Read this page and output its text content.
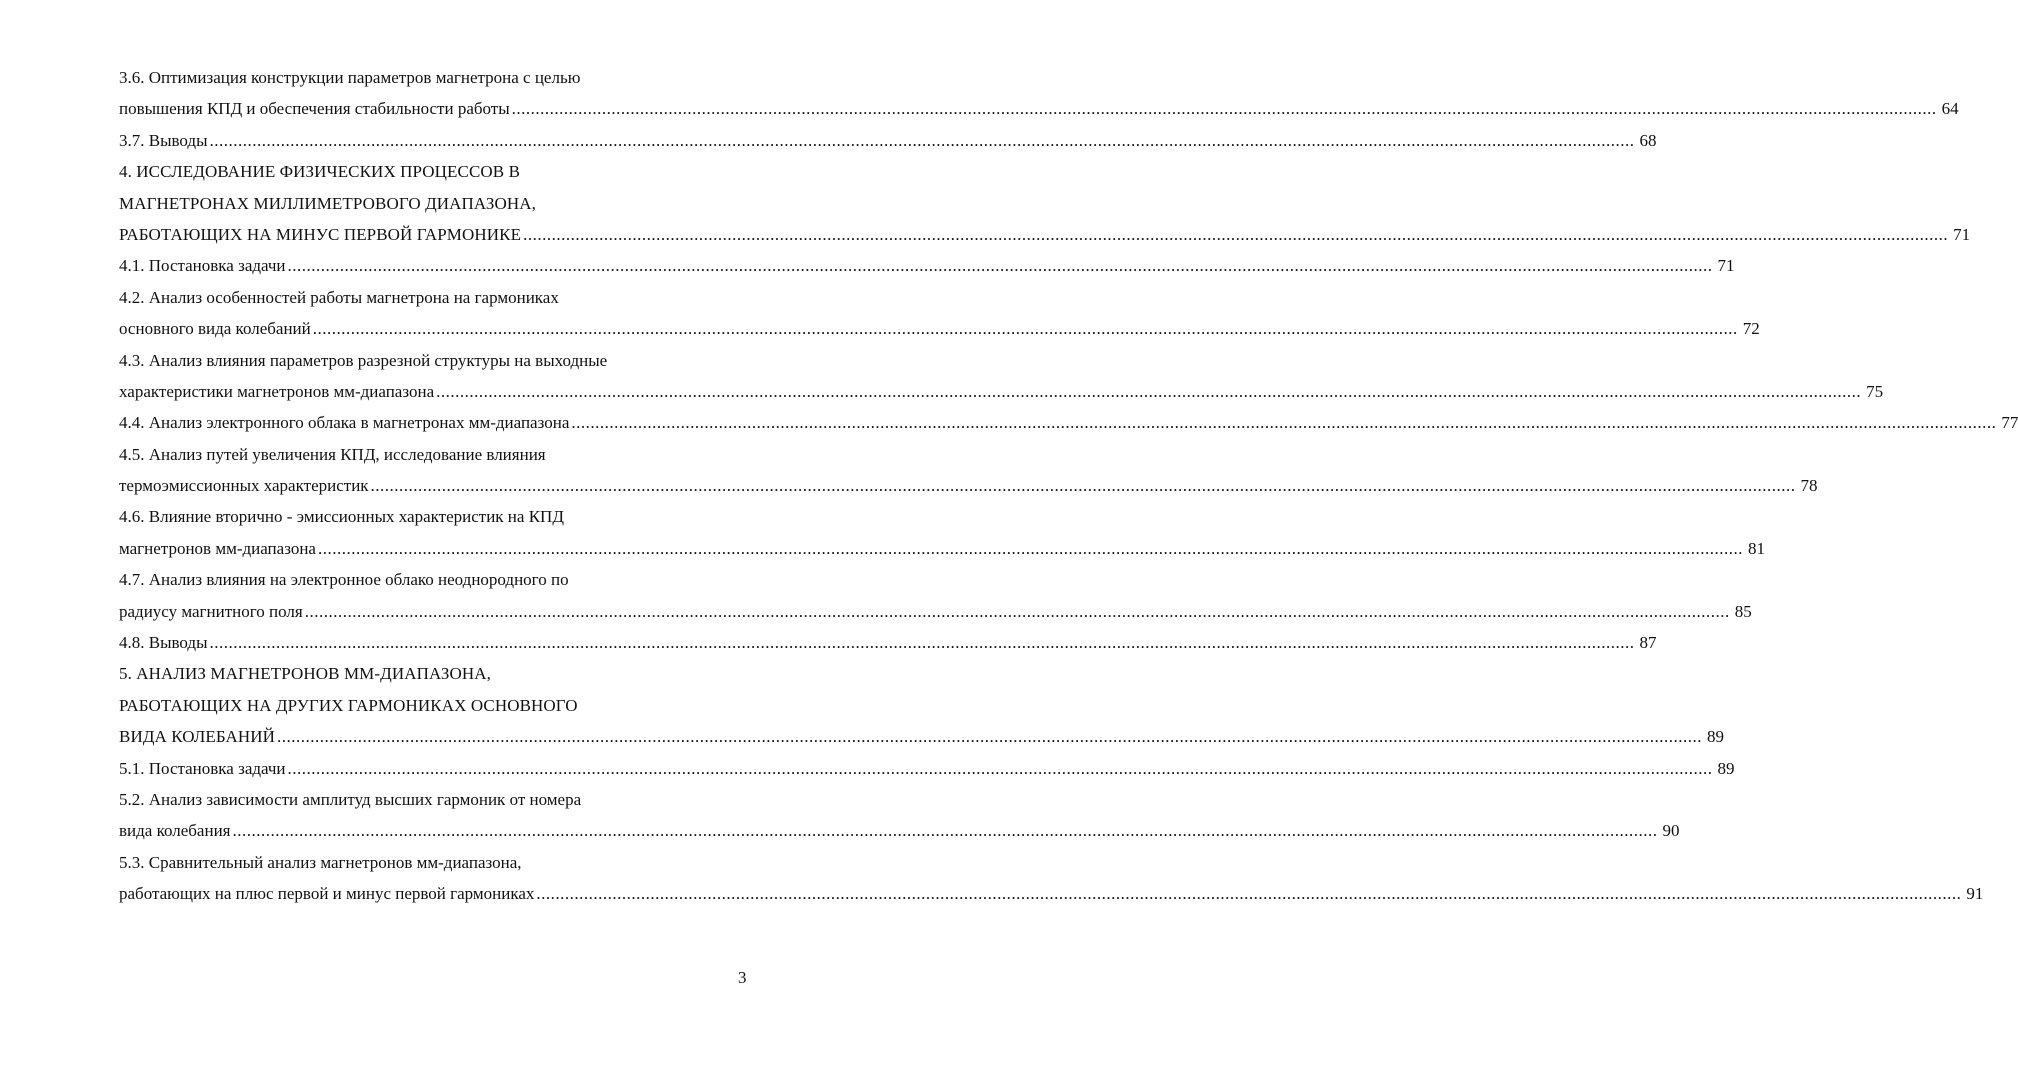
3.6. Оптимизация конструкции параметров магнетрона с целью
повышения КПД и обеспечения стабильности работы ............................................................................................................................................................................................................................................................................................................ 64
3.7. Выводы ............................................................................................................................................................................................................................................................................................................ 68
4. ИССЛЕДОВАНИЕ ФИЗИЧЕСКИХ ПРОЦЕССОВ В
МАГНЕТРОНАХ МИЛЛИМЕТРОВОГО ДИАПАЗОНА,
РАБОТАЮЩИХ НА МИНУС ПЕРВОЙ ГАРМОНИКЕ ............................................................................................................................................................................................................................................................................................................ 71
4.1. Постановка задачи ............................................................................................................................................................................................................................................................................................................ 71
4.2. Анализ особенностей работы магнетрона на гармониках
основного вида колебаний ............................................................................................................................................................................................................................................................................................................ 72
4.3. Анализ влияния параметров разрезной структуры на выходные
характеристики магнетронов мм-диапазона ............................................................................................................................................................................................................................................................................................................ 75
4.4. Анализ электронного облака в магнетронах мм-диапазона ............................................................................................................................................................................................................................................................................................................ 77
4.5. Анализ путей увеличения КПД, исследование влияния
термоэмиссионных характеристик ............................................................................................................................................................................................................................................................................................................ 78
4.6. Влияние вторично - эмиссионных характеристик на КПД
магнетронов мм-диапазона ............................................................................................................................................................................................................................................................................................................ 81
4.7. Анализ влияния на электронное облако неоднородного по
радиусу магнитного поля ............................................................................................................................................................................................................................................................................................................ 85
4.8. Выводы ............................................................................................................................................................................................................................................................................................................ 87
5. АНАЛИЗ МАГНЕТРОНОВ ММ-ДИАПАЗОНА,
РАБОТАЮЩИХ НА ДРУГИХ ГАРМОНИКАХ ОСНОВНОГО
ВИДА КОЛЕБАНИЙ ............................................................................................................................................................................................................................................................................................................ 89
5.1. Постановка задачи ............................................................................................................................................................................................................................................................................................................ 89
5.2. Анализ зависимости амплитуд высших гармоник от номера
вида колебания ............................................................................................................................................................................................................................................................................................................ 90
5.3. Сравнительный анализ магнетронов мм-диапазона,
работающих на плюс первой и минус первой гармониках ............................................................................................................................................................................................................................................................................................................ 91
3
